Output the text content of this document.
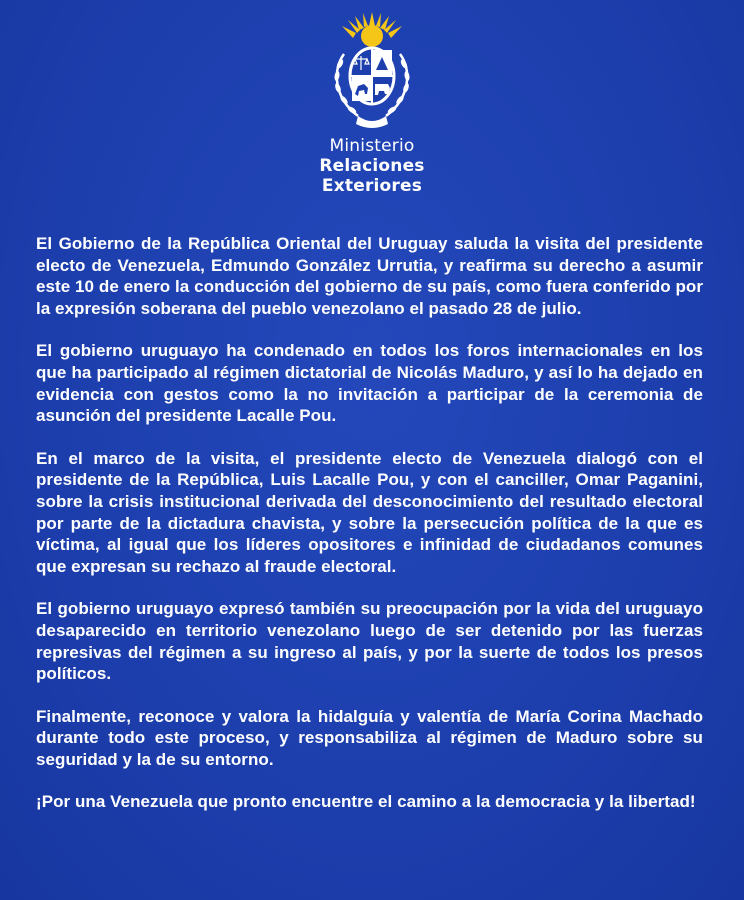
Ministerio
Relaciones
Exteriores

El Gobierno de la República Oriental del Uruguay saluda la visita del presidente electo de Venezuela, Edmundo González Urrutia, y reafirma su derecho a asumir este 10 de enero la conducción del gobierno de su país, como fuera conferido por la expresión soberana del pueblo venezolano el pasado 28 de julio.

El gobierno uruguayo ha condenado en todos los foros internacionales en los que ha participado al régimen dictatorial de Nicolás Maduro, y así lo ha dejado en evidencia con gestos como la no invitación a participar de la ceremonia de asunción del presidente Lacalle Pou.

En el marco de la visita, el presidente electo de Venezuela dialogó con el presidente de la República, Luis Lacalle Pou, y con el canciller, Omar Paganini, sobre la crisis institucional derivada del desconocimiento del resultado electoral por parte de la dictadura chavista, y sobre la persecución política de la que es víctima, al igual que los líderes opositores e infinidad de ciudadanos comunes que expresan su rechazo al fraude electoral.

El gobierno uruguayo expresó también su preocupación por la vida del uruguayo desaparecido en territorio venezolano luego de ser detenido por las fuerzas represivas del régimen a su ingreso al país, y por la suerte de todos los presos políticos.

Finalmente, reconoce y valora la hidalguía y valentía de María Corina Machado durante todo este proceso, y responsabiliza al régimen de Maduro sobre su seguridad y la de su entorno.

¡Por una Venezuela que pronto encuentre el camino a la democracia y la libertad!
